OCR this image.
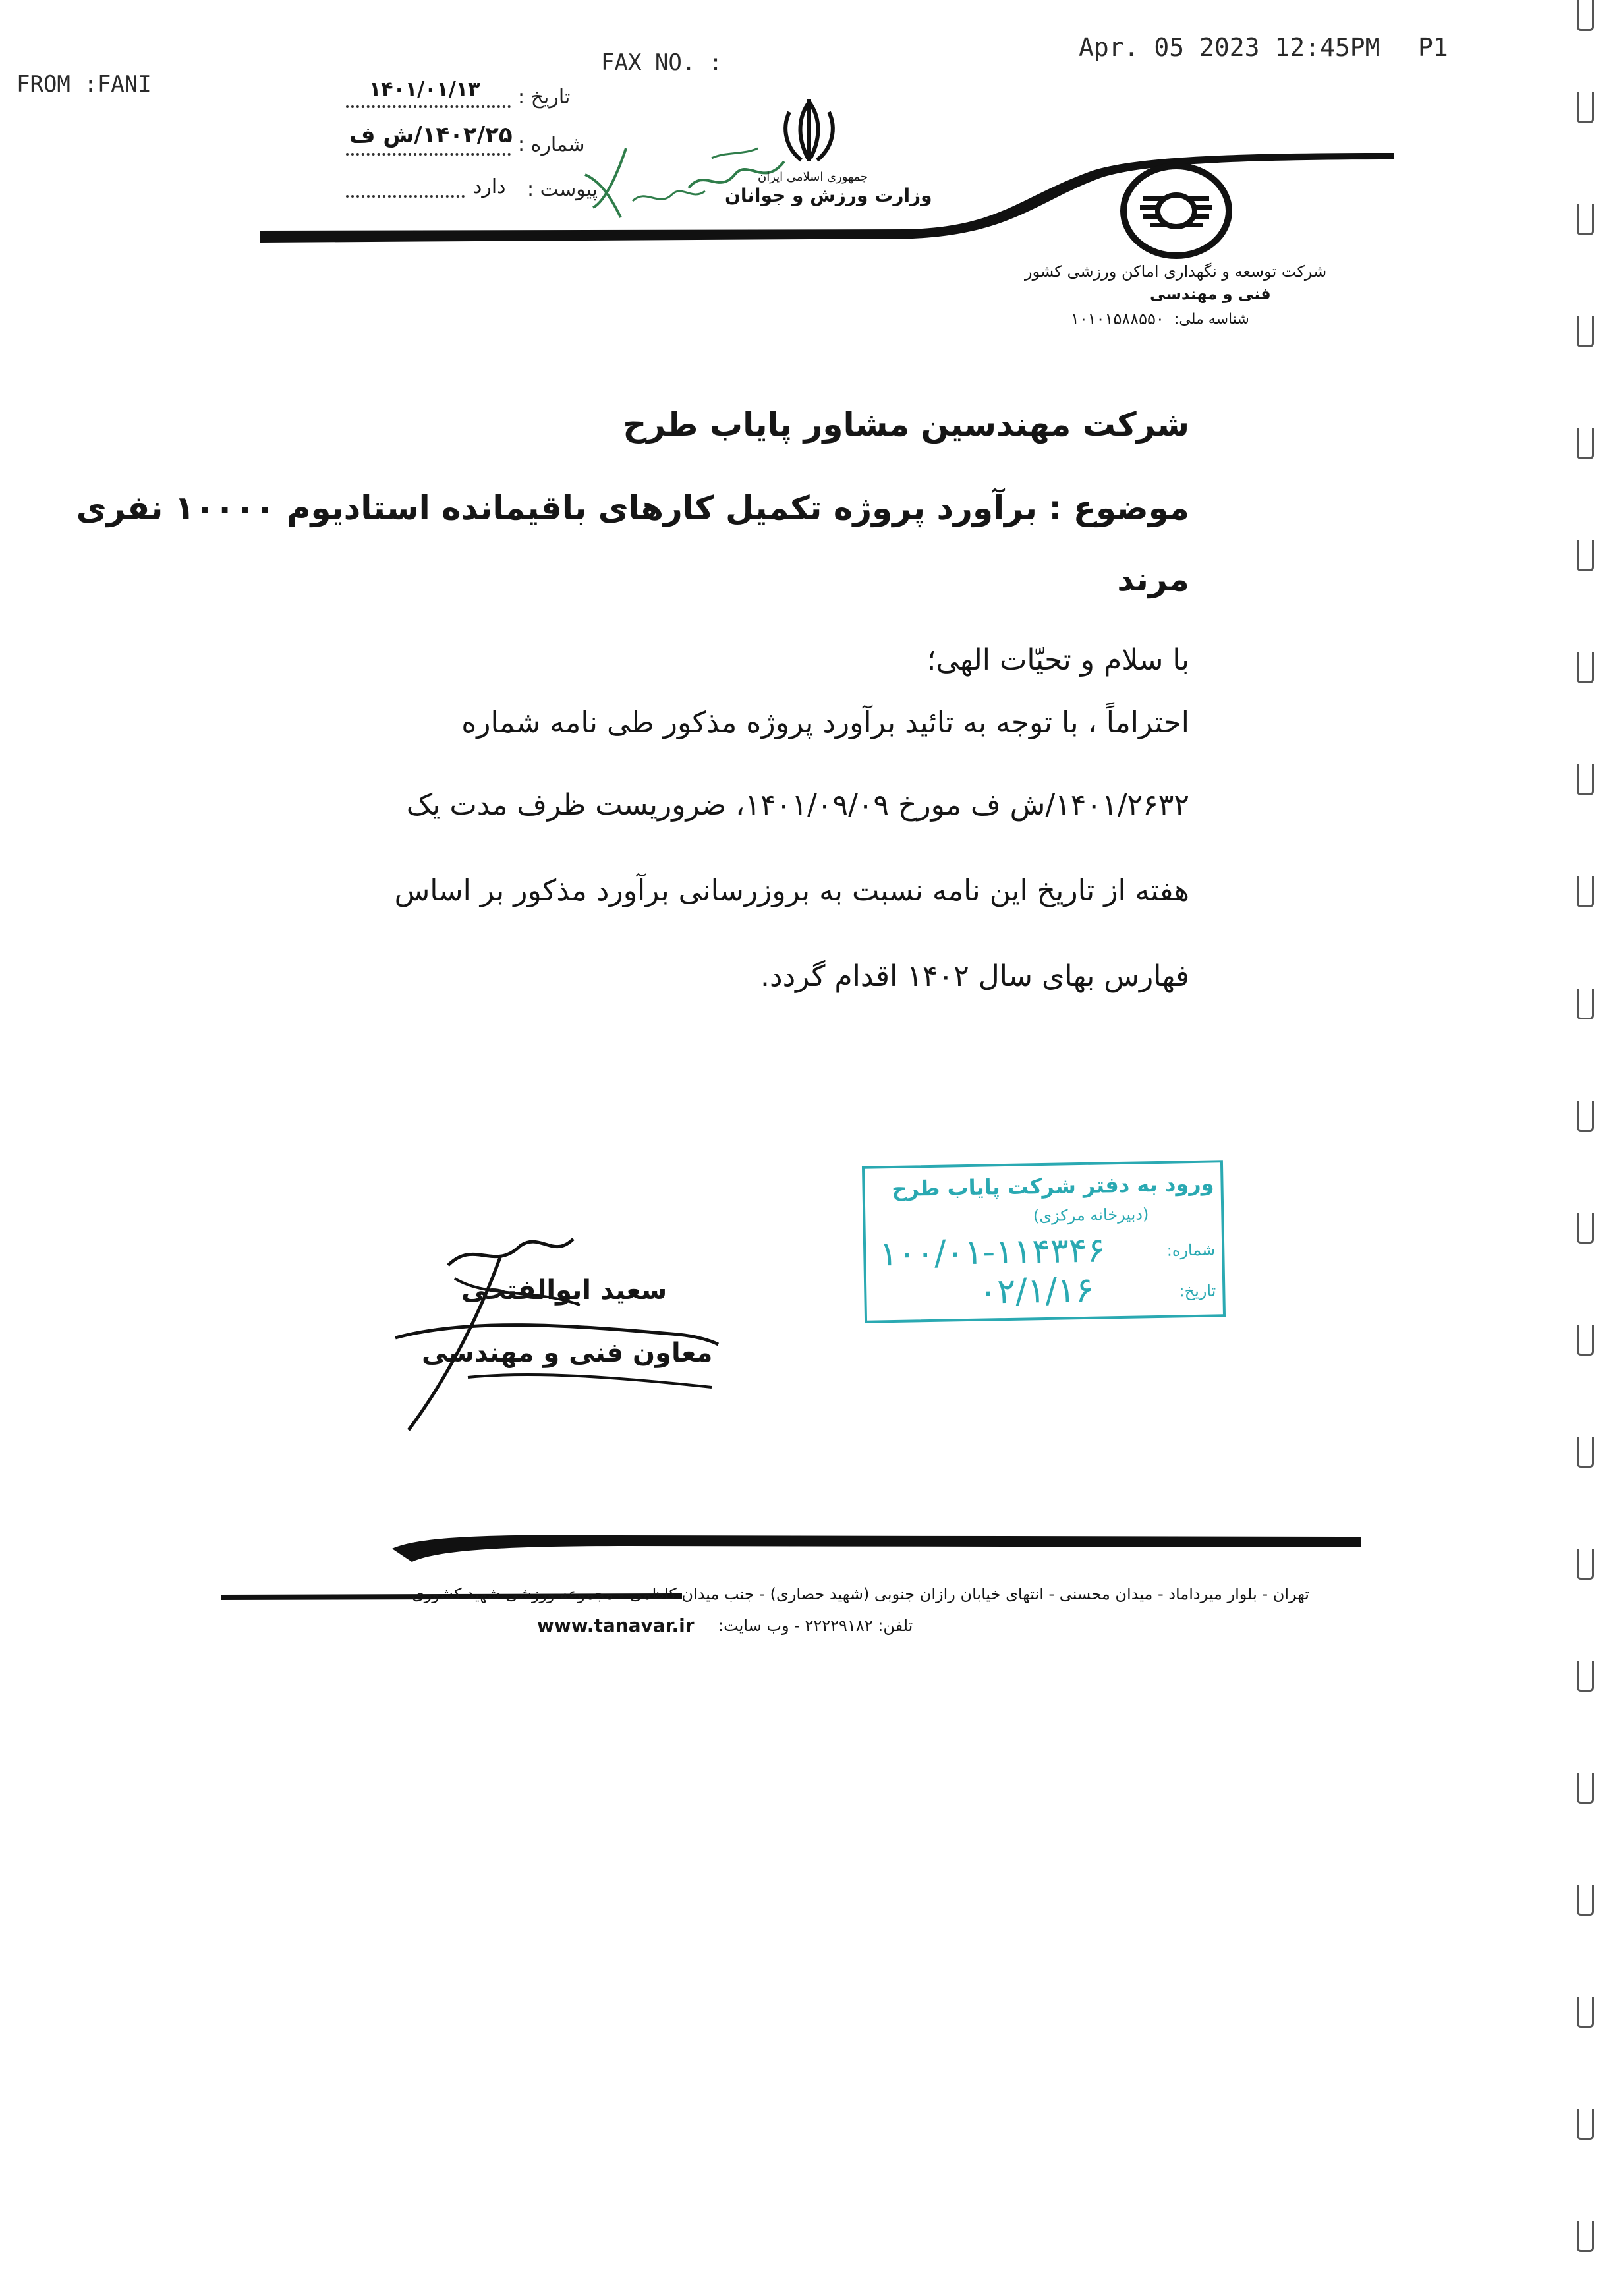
FROM :FANI
FAX NO. :
Apr. 05 2023 12:45PM P1
تاریخ :
۱۴۰۱/۰۱/۱۳
شماره :
۱۴۰۲/۲۵/ش ف
پیوست :
دارد	جمهوری اسلامی ایران
وزارت ورزش و جوانان
شرکت توسعه و نگهداری اماکن ورزشی کشور
فنی و مهندسی
شناسه ملی:
۱۰۱۰۱۵۸۸۵۵۰
شرکت مهندسین مشاور پایاب طرح
موضوع : برآورد پروژه تکمیل کارهای باقیمانده استادیوم ۱۰۰۰۰ نفری
مرند
با سلام و تحیّات الهی؛
احتراماً ، با توجه به تائید برآورد پروژه مذکور طی نامه شماره
۱۴۰۱/۲۶۳۲/ش ف مورخ ۱۴۰۱/۰۹/۰۹، ضروریست ظرف مدت یک
هفته از تاریخ این نامه نسبت به بروزرسانی برآورد مذکور بر اساس
فهارس بهای سال ۱۴۰۲ اقدام گردد.
ورود به دفتر شرکت پایاب طرح
(دبیرخانه مرکزی)
شماره:
۱۰۰/۰۱-۱۱۴۳۴۶
تاریخ:
۰۲/۱/۱۶
سعید ابوالفتحی
معاون فنی و مهندسی
تهران - بلوار میرداماد - میدان محسنی - انتهای خیابان رازان جنوبی (شهید حصاری) - جنب میدان کاظمی - مجموعه ورزشی شهید کشوری
تلفن: ۲۲۲۲۹۱۸۲ - وب سایت:
www.tanavar.ir
